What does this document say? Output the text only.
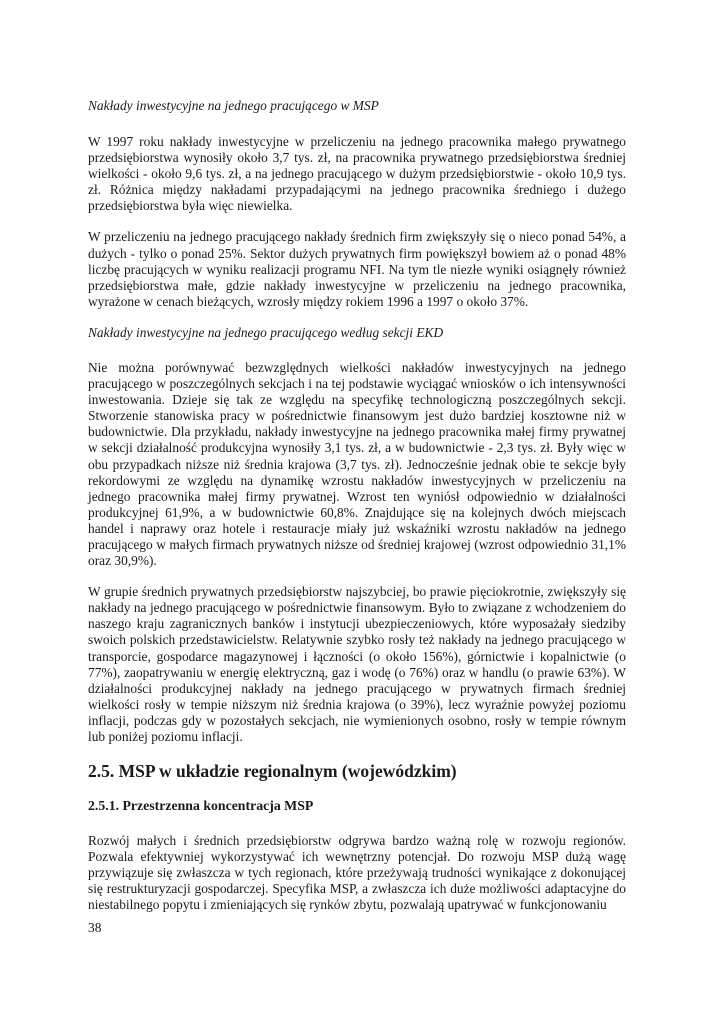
Nakłady inwestycyjne na jednego pracującego w MSP

W 1997 roku nakłady inwestycyjne w przeliczeniu na jednego pracownika małego prywatnego przedsiębiorstwa wynosiły około 3,7 tys. zł, na pracownika prywatnego przedsiębiorstwa średniej wielkości - około 9,6 tys. zł, a na jednego pracującego w dużym przedsiębiorstwie - około 10,9 tys. zł. Różnica między nakładami przypadającymi na jednego pracownika średniego i dużego przedsiębiorstwa była więc niewielka.

W przeliczeniu na jednego pracującego nakłady średnich firm zwiększyły się o nieco ponad 54%, a dużych - tylko o ponad 25%. Sektor dużych prywatnych firm powiększył bowiem aż o ponad 48% liczbę pracujących w wyniku realizacji programu NFI. Na tym tle niezłe wyniki osiągnęły również przedsiębiorstwa małe, gdzie nakłady inwestycyjne w przeliczeniu na jednego pracownika, wyrażone w cenach bieżących, wzrosły między rokiem 1996 a 1997 o około 37%.

Nakłady inwestycyjne na jednego pracującego według sekcji EKD

Nie można porównywać bezwzględnych wielkości nakładów inwestycyjnych na jednego pracującego w poszczególnych sekcjach i na tej podstawie wyciągać wniosków o ich intensywności inwestowania. Dzieje się tak ze względu na specyfikę technologiczną poszczególnych sekcji. Stworzenie stanowiska pracy w pośrednictwie finansowym jest dużo bardziej kosztowne niż w budownictwie. Dla przykładu, nakłady inwestycyjne na jednego pracownika małej firmy prywatnej w sekcji działalność produkcyjna wynosiły 3,1 tys. zł, a w budownictwie - 2,3 tys. zł. Były więc w obu przypadkach niższe niż średnia krajowa (3,7 tys. zł). Jednocześnie jednak obie te sekcje były rekordowymi ze względu na dynamikę wzrostu nakładów inwestycyjnych w przeliczeniu na jednego pracownika małej firmy prywatnej. Wzrost ten wyniósł odpowiednio w działalności produkcyjnej 61,9%, a w budownictwie 60,8%. Znajdujące się na kolejnych dwóch miejscach handel i naprawy oraz hotele i restauracje miały już wskaźniki wzrostu nakładów na jednego pracującego w małych firmach prywatnych niższe od średniej krajowej (wzrost odpowiednio 31,1% oraz 30,9%).

W grupie średnich prywatnych przedsiębiorstw najszybciej, bo prawie pięciokrotnie, zwiększyły się nakłady na jednego pracującego w pośrednictwie finansowym. Było to związane z wchodzeniem do naszego kraju zagranicznych banków i instytucji ubezpieczeniowych, które wyposażały siedziby swoich polskich przedstawicielstw. Relatywnie szybko rosły też nakłady na jednego pracującego w transporcie, gospodarce magazynowej i łączności (o około 156%), górnictwie i kopalnictwie (o 77%), zaopatrywaniu w energię elektryczną, gaz i wodę (o 76%) oraz w handlu (o prawie 63%). W działalności produkcyjnej nakłady na jednego pracującego w prywatnych firmach średniej wielkości rosły w tempie niższym niż średnia krajowa (o 39%), lecz wyraźnie powyżej poziomu inflacji, podczas gdy w pozostałych sekcjach, nie wymienionych osobno, rosły w tempie równym lub poniżej poziomu inflacji.

2.5. MSP w układzie regionalnym (wojewódzkim)
2.5.1. Przestrzenna koncentracja MSP

Rozwój małych i średnich przedsiębiorstw odgrywa bardzo ważną rolę w rozwoju regionów. Pozwala efektywniej wykorzystywać ich wewnętrzny potencjał. Do rozwoju MSP dużą wagę przywiązuje się zwłaszcza w tych regionach, które przeżywają trudności wynikające z dokonującej się restrukturyzacji gospodarczej. Specyfika MSP, a zwłaszcza ich duże możliwości adaptacyjne do niestabilnego popytu i zmieniających się rynków zbytu, pozwalają upatrywać w funkcjonowaniu

38
